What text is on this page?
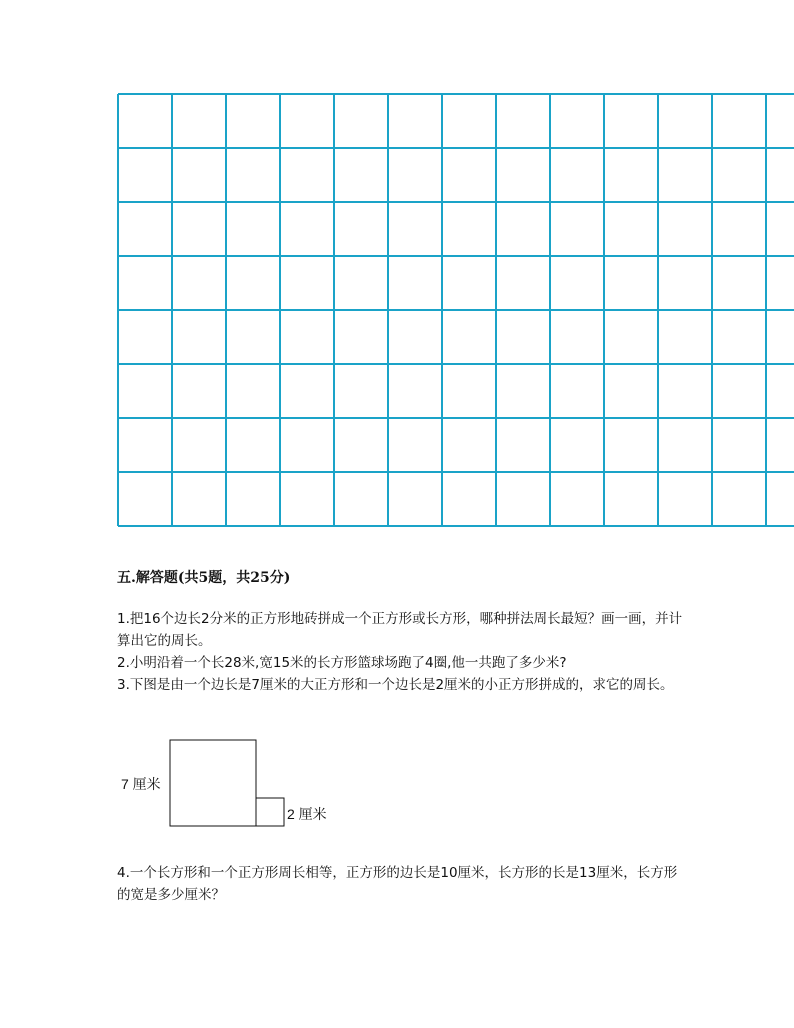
五.解答题(共5题，共25分)

1.把16个边长2分米的正方形地砖拼成一个正方形或长方形，哪种拼法周长最短？画一画，并计算出它的周长。

2.小明沿着一个长28米,宽15米的长方形篮球场跑了4圈,他一共跑了多少米?

3.下图是由一个边长是7厘米的大正方形和一个边长是2厘米的小正方形拼成的，求它的周长。

7 厘米
2 厘米

4.一个长方形和一个正方形周长相等，正方形的边长是10厘米，长方形的长是13厘米，长方形的宽是多少厘米？
